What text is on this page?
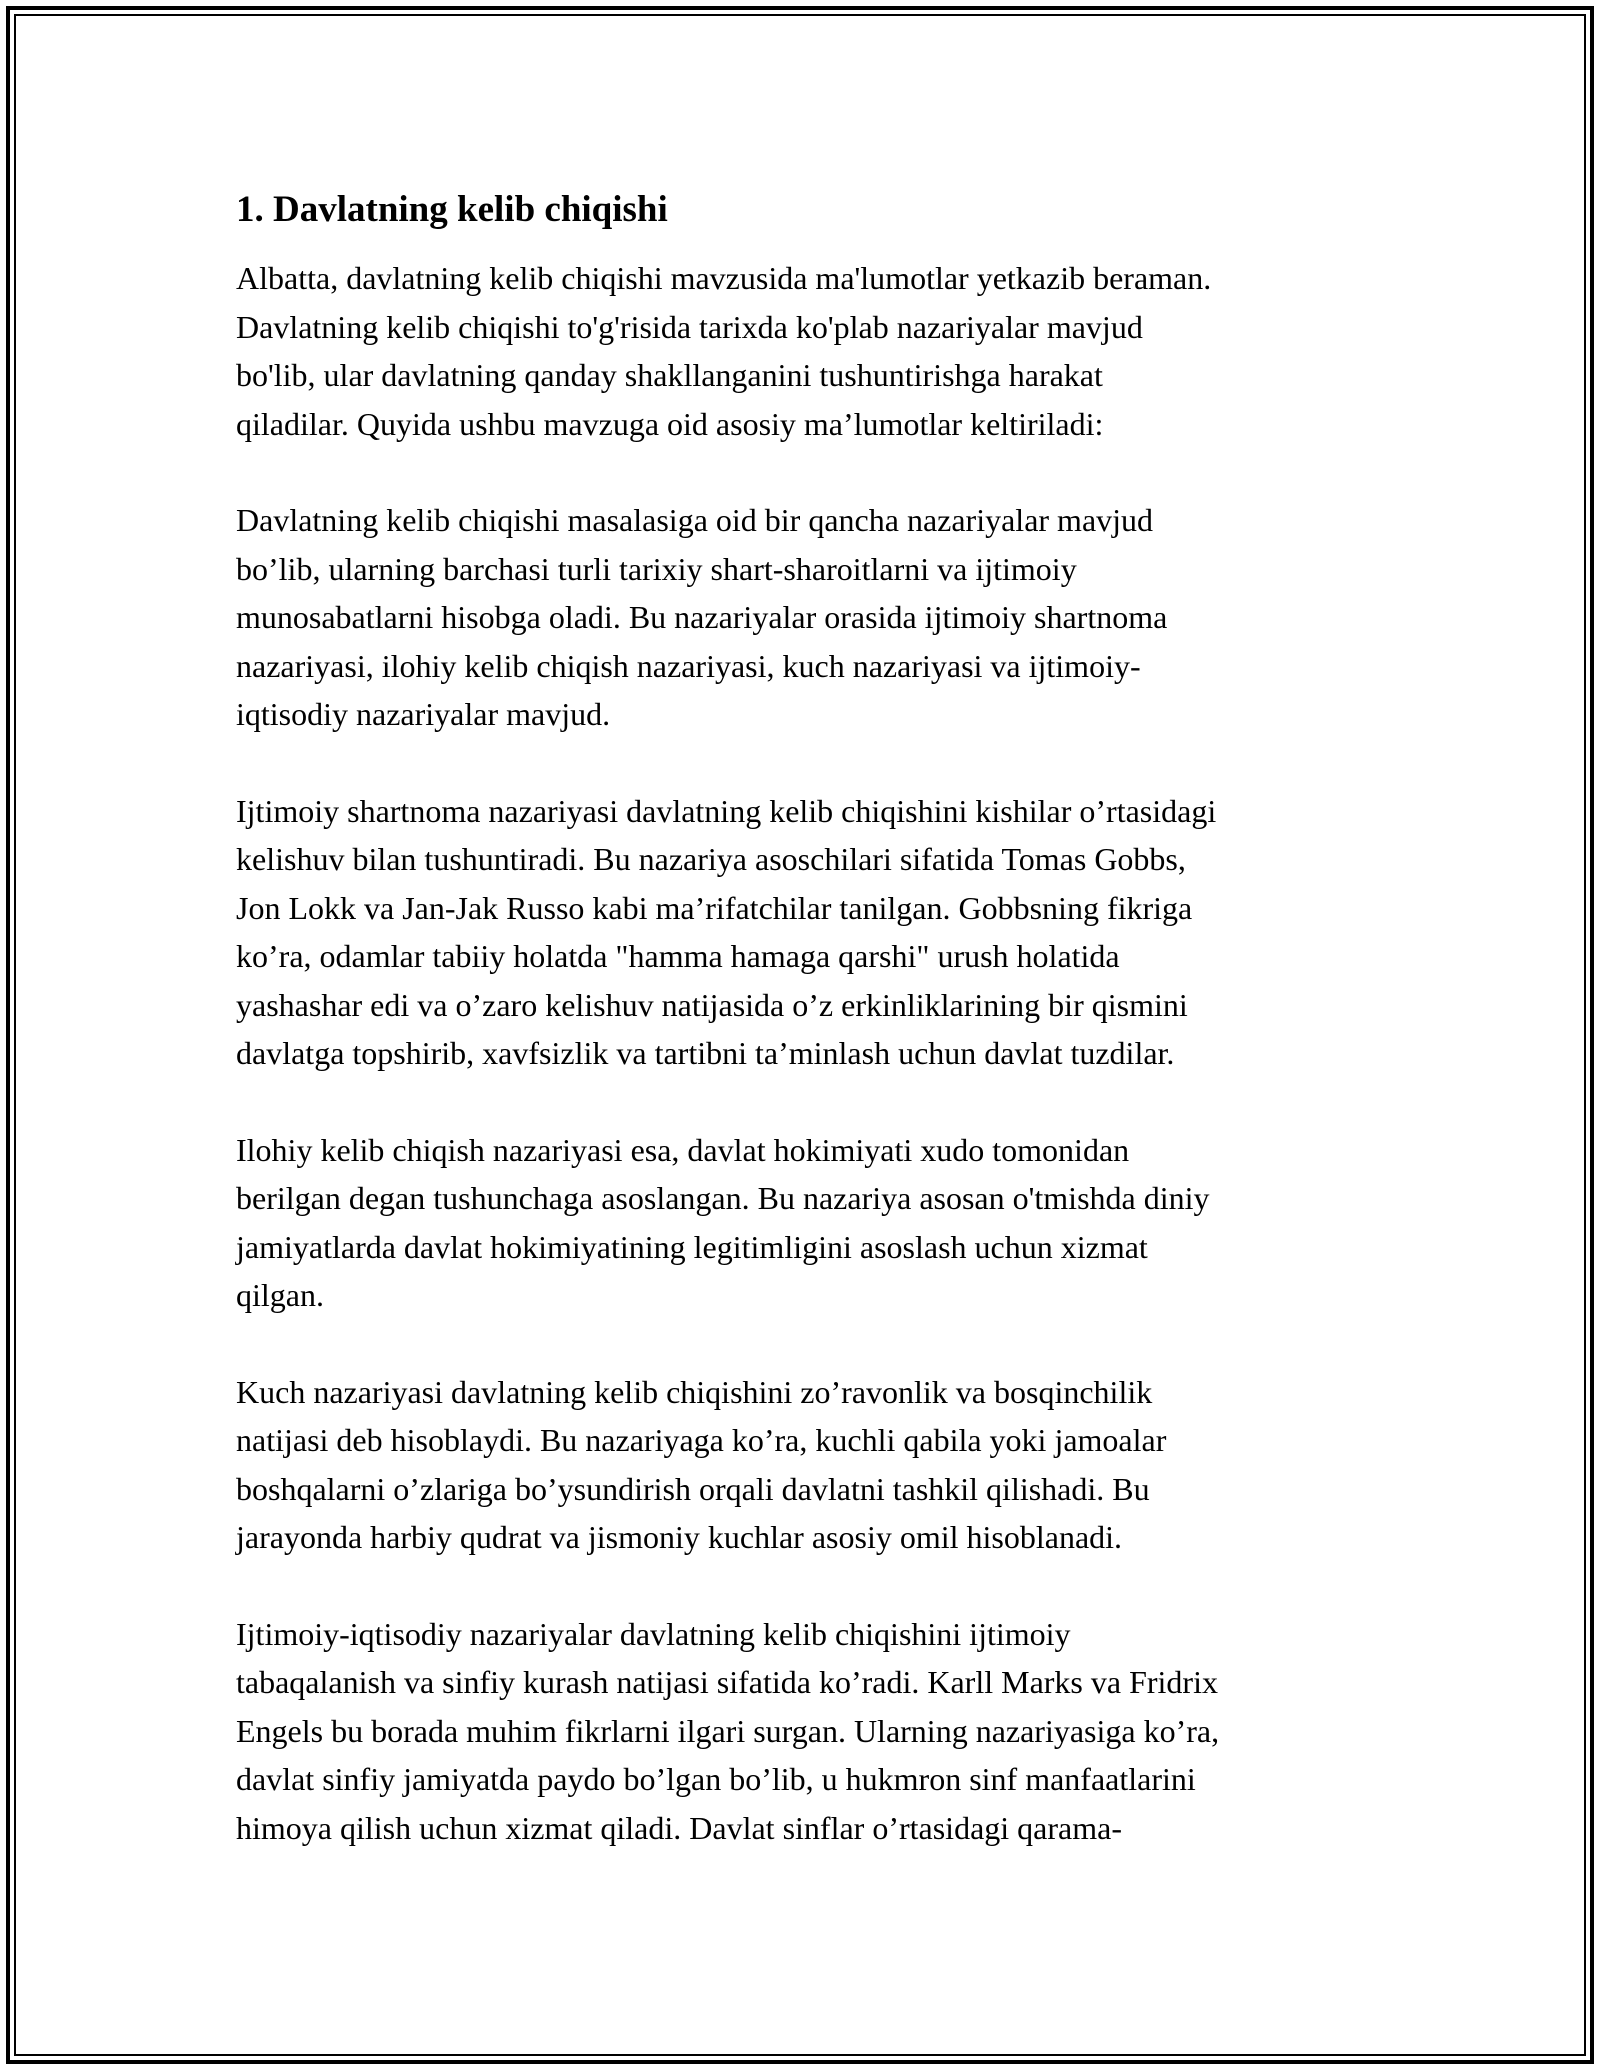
1. Davlatning kelib chiqishi
Albatta, davlatning kelib chiqishi mavzusida ma'lumotlar yetkazib beraman.
Davlatning kelib chiqishi to'g'risida tarixda ko'plab nazariyalar mavjud
bo'lib, ular davlatning qanday shakllanganini tushuntirishga harakat
qiladilar. Quyida ushbu mavzuga oid asosiy ma’lumotlar keltiriladi:
Davlatning kelib chiqishi masalasiga oid bir qancha nazariyalar mavjud
bo’lib, ularning barchasi turli tarixiy shart-sharoitlarni va ijtimoiy
munosabatlarni hisobga oladi. Bu nazariyalar orasida ijtimoiy shartnoma
nazariyasi, ilohiy kelib chiqish nazariyasi, kuch nazariyasi va ijtimoiy-
iqtisodiy nazariyalar mavjud.
Ijtimoiy shartnoma nazariyasi davlatning kelib chiqishini kishilar o’rtasidagi
kelishuv bilan tushuntiradi. Bu nazariya asoschilari sifatida Tomas Gobbs,
Jon Lokk va Jan-Jak Russo kabi ma’rifatchilar tanilgan. Gobbsning fikriga
ko’ra, odamlar tabiiy holatda "hamma hamaga qarshi" urush holatida
yashashar edi va o’zaro kelishuv natijasida o’z erkinliklarining bir qismini
davlatga topshirib, xavfsizlik va tartibni ta’minlash uchun davlat tuzdilar.
Ilohiy kelib chiqish nazariyasi esa, davlat hokimiyati xudo tomonidan
berilgan degan tushunchaga asoslangan. Bu nazariya asosan o'tmishda diniy
jamiyatlarda davlat hokimiyatining legitimligini asoslash uchun xizmat
qilgan.
Kuch nazariyasi davlatning kelib chiqishini zo’ravonlik va bosqinchilik
natijasi deb hisoblaydi. Bu nazariyaga ko’ra, kuchli qabila yoki jamoalar
boshqalarni o’zlariga bo’ysundirish orqali davlatni tashkil qilishadi. Bu
jarayonda harbiy qudrat va jismoniy kuchlar asosiy omil hisoblanadi.
Ijtimoiy-iqtisodiy nazariyalar davlatning kelib chiqishini ijtimoiy
tabaqalanish va sinfiy kurash natijasi sifatida ko’radi. Karll Marks va Fridrix
Engels bu borada muhim fikrlarni ilgari surgan. Ularning nazariyasiga ko’ra,
davlat sinfiy jamiyatda paydo bo’lgan bo’lib, u hukmron sinf manfaatlarini
himoya qilish uchun xizmat qiladi. Davlat sinflar o’rtasidagi qarama-
